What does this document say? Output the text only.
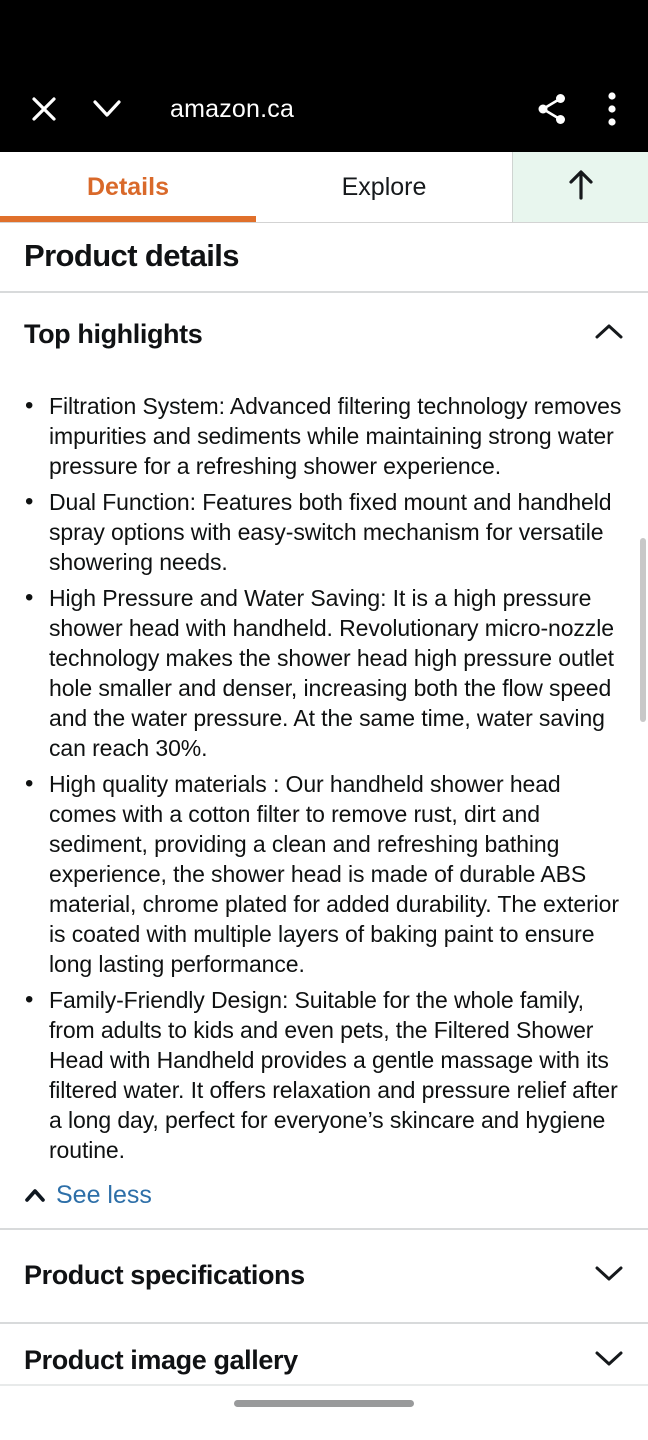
amazon.ca
Details	Explore
Product details
Top highlights
• Filtration System: Advanced filtering technology removes impurities and sediments while maintaining strong water pressure for a refreshing shower experience.
• Dual Function: Features both fixed mount and handheld spray options with easy-switch mechanism for versatile showering needs.
• High Pressure and Water Saving: It is a high pressure shower head with handheld. Revolutionary micro-nozzle technology makes the shower head high pressure outlet hole smaller and denser, increasing both the flow speed and the water pressure. At the same time, water saving can reach 30%.
• High quality materials : Our handheld shower head comes with a cotton filter to remove rust, dirt and sediment, providing a clean and refreshing bathing experience, the shower head is made of durable ABS material, chrome plated for added durability. The exterior is coated with multiple layers of baking paint to ensure long lasting performance.
• Family-Friendly Design: Suitable for the whole family, from adults to kids and even pets, the Filtered Shower Head with Handheld provides a gentle massage with its filtered water. It offers relaxation and pressure relief after a long day, perfect for everyone’s skincare and hygiene routine.
See less
Product specifications
Product image gallery
